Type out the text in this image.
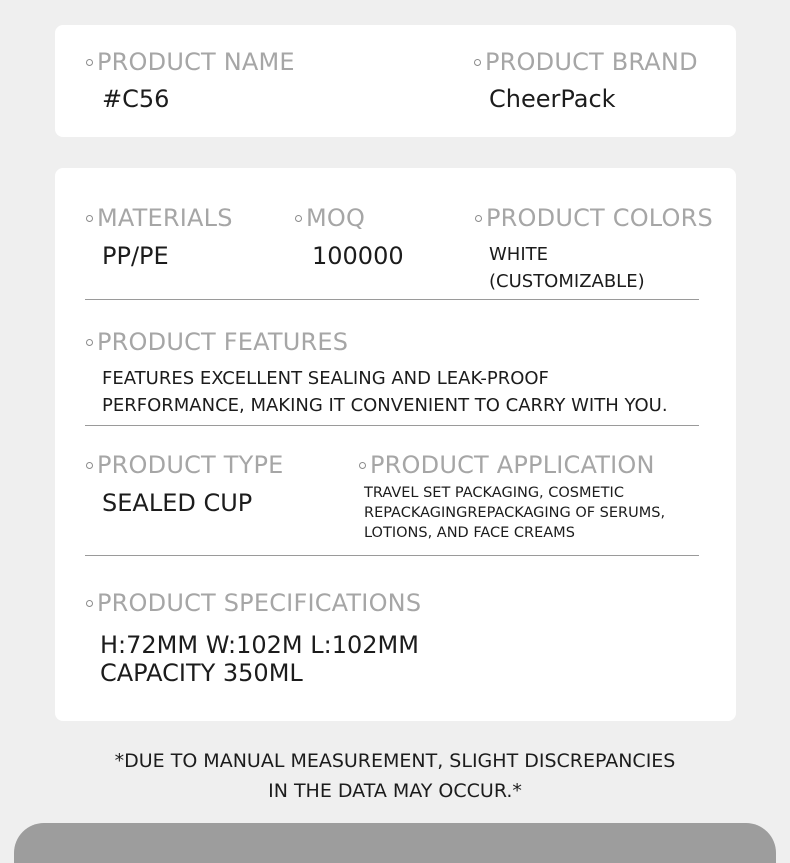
PRODUCT NAME
#C56
PRODUCT BRAND
CheerPack
MATERIALS
PP/PE
MOQ
100000
PRODUCT COLORS
WHITE
(CUSTOMIZABLE)
PRODUCT FEATURES
FEATURES EXCELLENT SEALING AND LEAK-PROOF
PERFORMANCE, MAKING IT CONVENIENT TO CARRY WITH YOU.
PRODUCT TYPE
SEALED CUP
PRODUCT APPLICATION
TRAVEL SET PACKAGING, COSMETIC
REPACKAGINGREPACKAGING OF SERUMS,
LOTIONS, AND FACE CREAMS
PRODUCT SPECIFICATIONS
H:72MM W:102M L:102MM
CAPACITY 350ML
*DUE TO MANUAL MEASUREMENT, SLIGHT DISCREPANCIES
IN THE DATA MAY OCCUR.*
